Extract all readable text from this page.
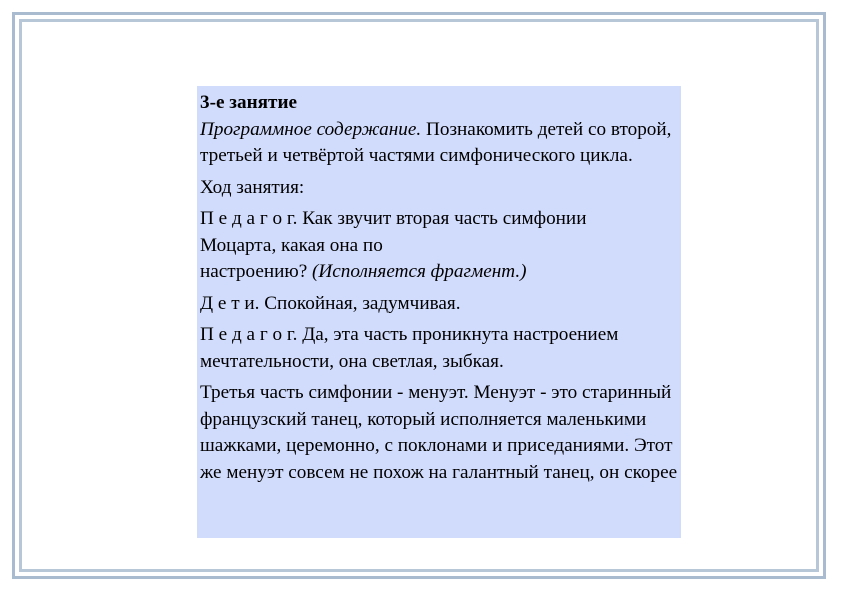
3-е занятие

Программное содержание. Познакомить детей со второй, третьей и четвёртой частями симфонического цикла.

Ход занятия:

П е д а г о г. Как звучит вторая часть симфонии
Моцарта, какая она по
настроению? (Исполняется фрагмент.)

Д е т и. Спокойная, задумчивая.

П е д а г о г. Да, эта часть проникнута настроением мечтательности, она светлая, зыбкая.

Третья часть симфонии - менуэт. Менуэт - это старинный французский танец, который исполняется маленькими шажками, церемонно, с поклонами и приседаниями. Этот же менуэт совсем не похож на галантный танец, он скорее
